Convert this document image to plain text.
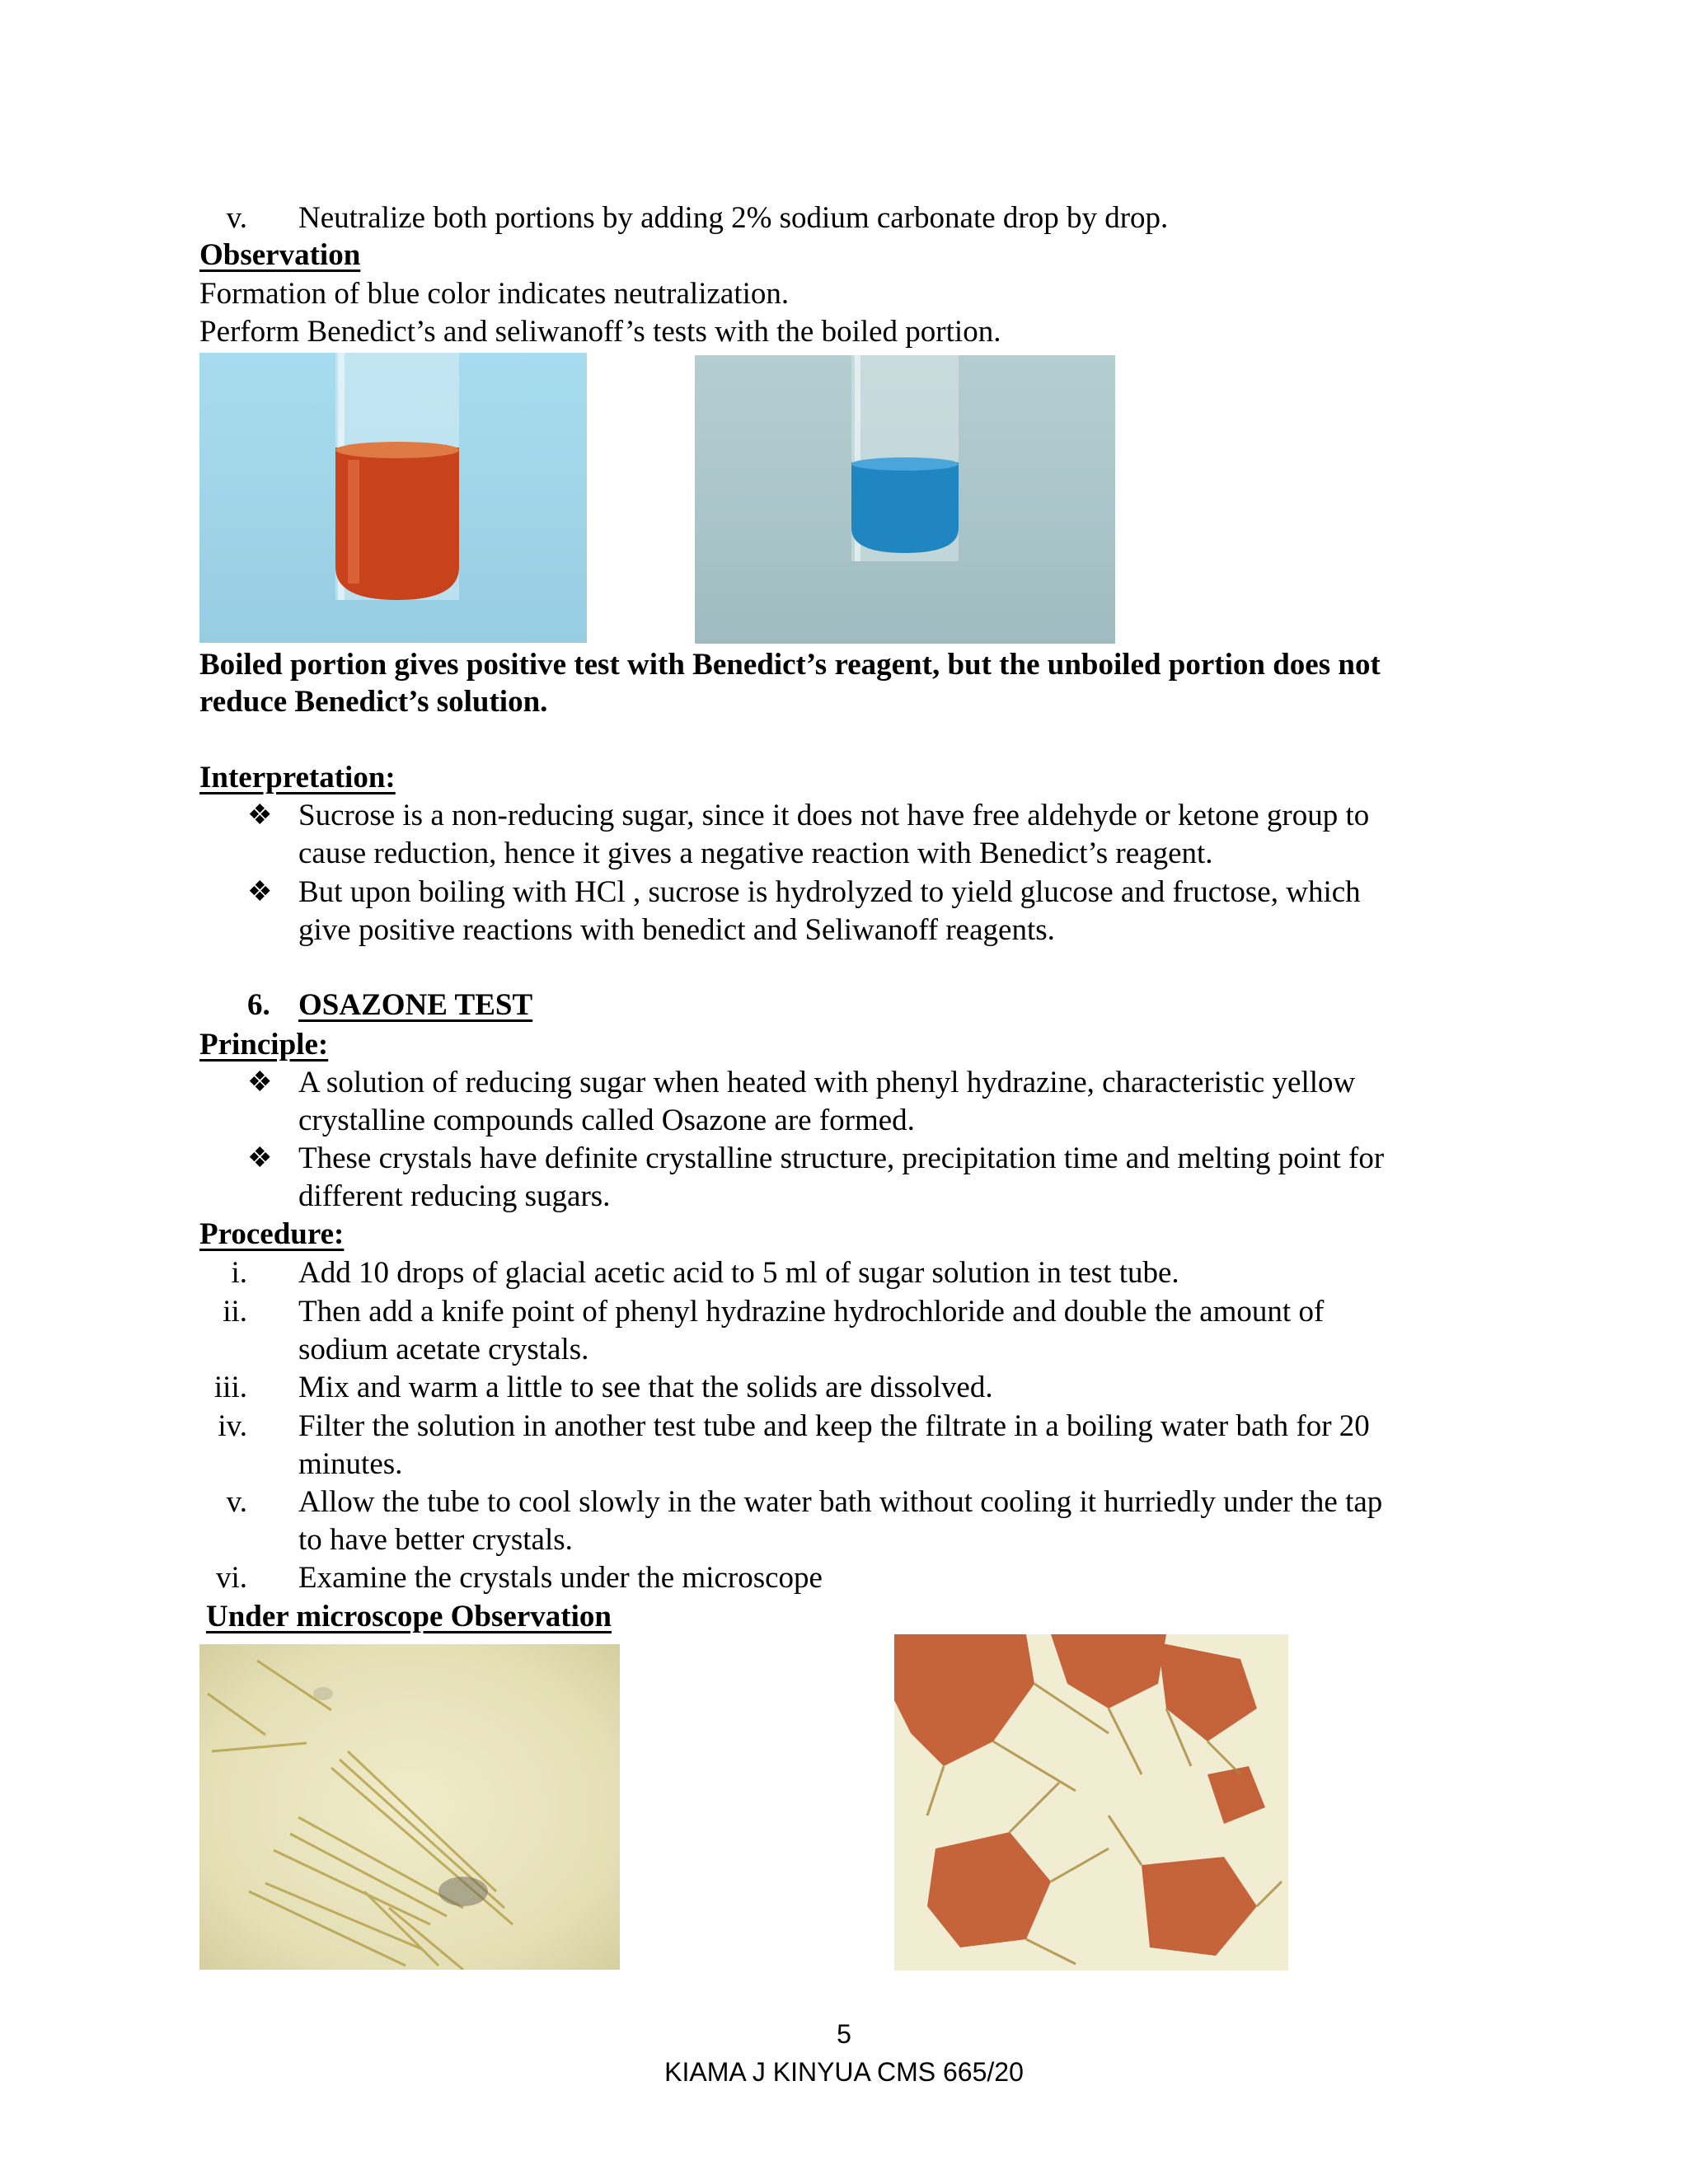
v. Neutralize both portions by adding 2% sodium carbonate drop by drop.
Observation
Formation of blue color indicates neutralization.
Perform Benedict’s and seliwanoff’s tests with the boiled portion.
Boiled portion gives positive test with Benedict’s reagent, but the unboiled portion does not
reduce Benedict’s solution.
Interpretation:
❖ Sucrose is a non-reducing sugar, since it does not have free aldehyde or ketone group to
cause reduction, hence it gives a negative reaction with Benedict’s reagent.
❖ But upon boiling with HCl , sucrose is hydrolyzed to yield glucose and fructose, which
give positive reactions with benedict and Seliwanoff reagents.
6. OSAZONE TEST
Principle:
❖ A solution of reducing sugar when heated with phenyl hydrazine, characteristic yellow
crystalline compounds called Osazone are formed.
❖ These crystals have definite crystalline structure, precipitation time and melting point for
different reducing sugars.
Procedure:
i. Add 10 drops of glacial acetic acid to 5 ml of sugar solution in test tube.
ii. Then add a knife point of phenyl hydrazine hydrochloride and double the amount of
sodium acetate crystals.
iii. Mix and warm a little to see that the solids are dissolved.
iv. Filter the solution in another test tube and keep the filtrate in a boiling water bath for 20
minutes.
v. Allow the tube to cool slowly in the water bath without cooling it hurriedly under the tap
to have better crystals.
vi. Examine the crystals under the microscope
Under microscope Observation
5
KIAMA J KINYUA CMS 665/20
